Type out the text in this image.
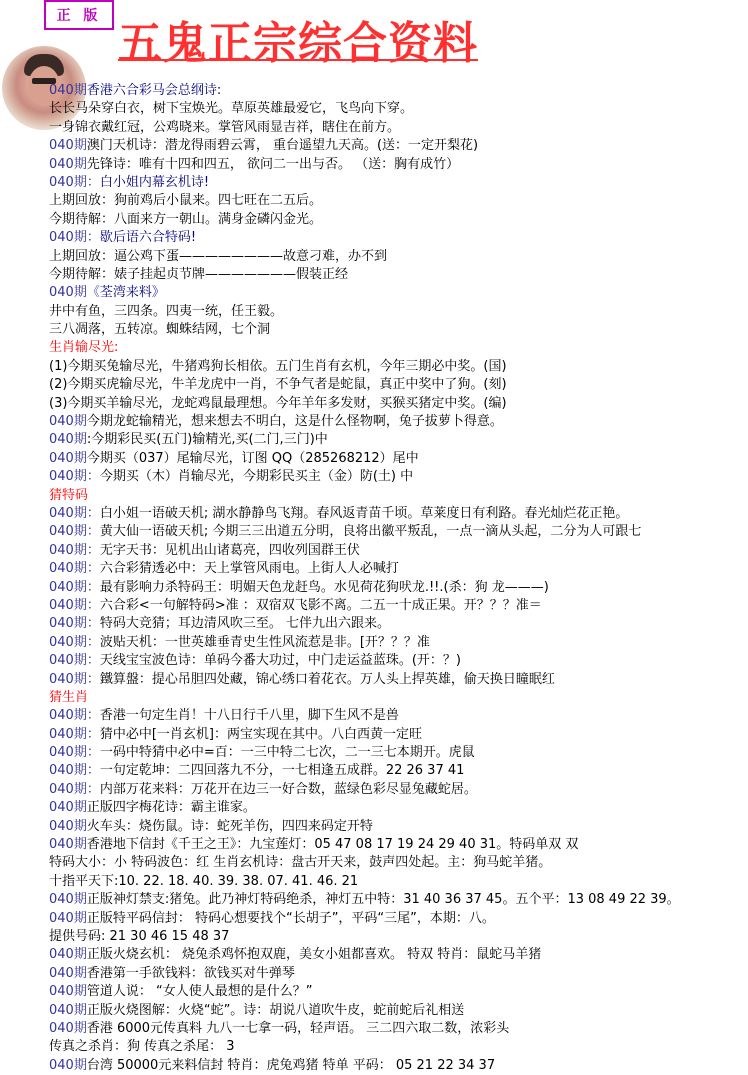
正 版
五鬼正宗综合资料
040期香港六合彩马会总纲诗:
长长马朵穿白衣，树下宝焕光。草原英雄最爱它，飞鸟向下穿。
一身锦衣戴红冠，公鸡晓来。掌管风雨显吉祥，瞎住在前方。
040期澳门天机诗：潜龙得雨碧云霄， 重台遥望九天高。(送：一定开梨花)
040期先锋诗：唯有十四和四五， 欲问二一出与否。 （送：胸有成竹）
040期：白小姐内幕玄机诗!
上期回放：狗前鸡后小鼠来。四七旺在二五后。
今期待解：八面来方一朝山。满身金磷闪金光。
040期：歇后语六合特码!
上期回放：逼公鸡下蛋————————故意刁难，办不到
今期待解：婊子挂起贞节牌———————假装正经
040期《荃湾来料》
井中有鱼，三四条。四夷一统，任王毅。
三八凋落，五转凉。蜘蛛结网，七个洞
生肖输尽光:
(1)今期买兔输尽光，牛猪鸡狗长相依。五门生肖有玄机，今年三期必中奖。(国)
(2)今期买虎输尽光，牛羊龙虎中一肖，不争气者是蛇鼠，真正中奖中了狗。(刻)
(3)今期买羊输尽光，龙蛇鸡鼠最理想。今年羊年多发财，买猴买猪定中奖。(编)
040期今期龙蛇输精光，想来想去不明白，这是什么怪物啊，兔子拔萝卜得意。
040期:今期彩民买(五门)输精光,买(二门,三门)中
040期今期买（037）尾输尽光，订图 QQ（285268212）尾中
040期：今期买（木）肖输尽光，今期彩民买主（金）防(土) 中
猜特码
040期：白小姐一语破天机; 湖水静静鸟飞翔。春风返青苗千顷。草莱度日有利路。春光灿烂花正艳。
040期：黄大仙一语破天机; 今期三三出道五分明，良将出徽平叛乱，一点一滴从头起，二分为人可跟七
040期：无字天书：见机出山诸葛亮，四收列国群王伏
040期：六合彩猜透必中：天上掌管风雨电。上街人人必喊打
040期：最有影响力杀特码王：明媚天色龙赶鸟。水见荷花狗吠龙.!!.(杀：狗 龙———)
040期：六合彩<一句解特码>准 ：双宿双飞影不离。二五一十成正果。开？？？准＝
040期：特码大竞猜；耳边清风吹三至。 七伴九出六跟来。
040期：波贴天机：一世英雄垂青史生性风流惹是非。[开？？？准
040期：天线宝宝波色诗：单码今番大功过，中门走运益蓝珠。(开：？)
040期：鐵算盤：提心吊胆四处藏，锦心绣口着花衣。万人头上捍英雄，偷天换日瞳眠红
猜生肖
040期：香港一句定生肖！十八日行千八里，脚下生风不是兽
040期：猜中必中[一肖玄机]：两宝实现在其中。八白西黄一定旺
040期：一码中特猜中必中=百：一三中特二七次，二一三七本期开。虎鼠
040期：一句定乾坤：二四回落九不分，一七相逢五成群。22 26 37 41
040期：内部万花来料：万花开在边三一好合数，蓝绿色彩尽显兔藏蛇居。
040期正版四字梅花诗：霸主谁家。
040期火车头：烧伤鼠。诗：蛇死羊伤，四四来码定开特
040期香港地下信封《千王之王》：九宝莲灯：05 47 08 17 19 24 29 40 31。特码单双 双
特码大小：小 特码波色：红 生肖玄机诗：盘古开天来，鼓声四处起。主：狗马蛇羊猪。
十指平天下:10. 22. 18. 40. 39. 38. 07. 41. 46. 21
040期正版神灯禁支:猪兔。此乃神灯特码绝杀，神灯五中特：31 40 36 37 45。五个平：13 08 49 22 39。
040期正版特平码信封： 特码心想要找个“长胡子”，平码“三尾”，本期：八。
提供号码: 21 30 46 15 48 37
040期正版火烧玄机： 烧兔杀鸡怀抱双鹿，美女小姐都喜欢。 特双 特肖：鼠蛇马羊猪
040期香港第一手欲钱料：欲钱买对牛弹琴
040期管道人说： “女人使人最想的是什么？”
040期正版火烧图解：火烧“蛇”。诗：胡说八道吹牛皮，蛇前蛇后礼相送
040期香港 6000元传真料 九八一七拿一码，轻声语。 三二四六取二数，浓彩头
传真之杀肖：狗 传真之杀尾： 3
040期台湾 50000元来料信封 特肖：虎兔鸡猪 特单 平码： 05 21 22 34 37
